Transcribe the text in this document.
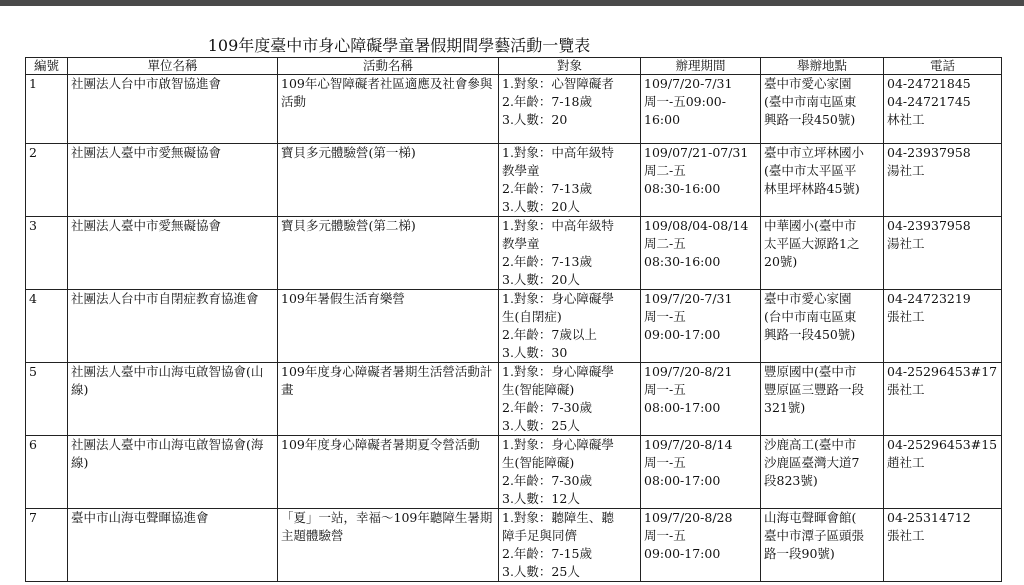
109年度臺中市身心障礙學童暑假期間學藝活動一覽表
編號	單位名稱	活動名稱	對象	辦理期間	舉辦地點	電話
1	社團法人台中市啟智協進會	109年心智障礙者社區適應及社會參與活動	1.對象：心智障礙者
2.年齡：7-18歲
3.人數：20	109/7/20-7/31
周一-五09:00-
16:00	臺中市愛心家園
(臺中市南屯區東
興路一段450號)	04-24721845
04-24721745
林社工

2	社團法人臺中市愛無礙協會	寶貝多元體驗營(第一梯)	1.對象：中高年級特
教學童
2.年齡：7-13歲
3.人數：20人	109/07/21-07/31
周二-五
08:30-16:00	臺中市立坪林國小
(臺中市太平區平
林里坪林路45號)	04-23937958
湯社工

3	社團法人臺中市愛無礙協會	寶貝多元體驗營(第二梯)	1.對象：中高年級特
教學童
2.年齡：7-13歲
3.人數：20人	109/08/04-08/14
周二-五
08:30-16:00	中華國小(臺中市
太平區大源路1之
20號)	04-23937958
湯社工

4	社團法人台中市自閉症教育協進會	109年暑假生活育樂營	1.對象：身心障礙學
生(自閉症)
2.年齡：7歲以上
3.人數：30	109/7/20-7/31
周一-五
09:00-17:00	臺中市愛心家園
(台中市南屯區東
興路一段450號)	04-24723219
張社工

5	社團法人臺中市山海屯啟智協會(山線)	109年度身心障礙者暑期生活營活動計畫	1.對象：身心障礙學
生(智能障礙)
2.年齡：7-30歲
3.人數：25人	109/7/20-8/21
周一-五
08:00-17:00	豐原國中(臺中市
豐原區三豐路一段
321號)	04-25296453#17
張社工

6	社團法人臺中市山海屯啟智協會(海線)	109年度身心障礙者暑期夏令營活動	1.對象：身心障礙學
生(智能障礙)
2.年齡：7-30歲
3.人數：12人	109/7/20-8/14
周一-五
08:00-17:00	沙鹿高工(臺中市
沙鹿區臺灣大道7
段823號)	04-25296453#15
趙社工

7	臺中市山海屯聲暉協進會	「夏」一站，幸福～109年聽障生暑期主題體驗營	1.對象：聽障生、聽
障手足與同儕
2.年齡：7-15歲
3.人數：25人	109/7/20-8/28
周一-五
09:00-17:00	山海屯聲暉會館(
臺中市潭子區頭張
路一段90號)	04-25314712
張社工
